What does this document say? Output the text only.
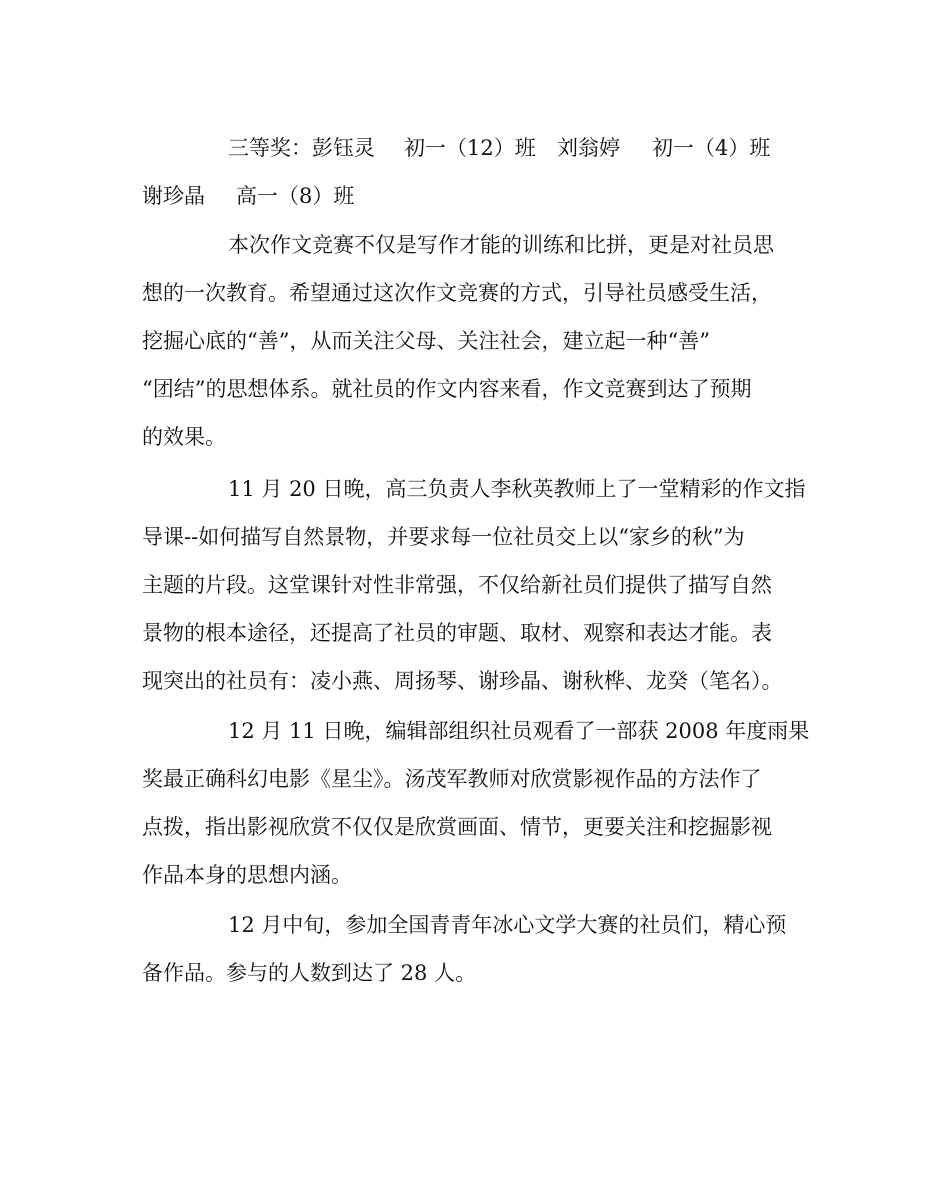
三等奖：彭钰灵

初一（12）班

刘翁婷

初一（4）班

谢珍晶

高一（8）班

本次作文竞赛不仅是写作才能的训练和比拼，更是对社员思

想的一次教育。希望通过这次作文竞赛的方式，引导社员感受生活，

挖掘心底的“善”，从而关注父母、关注社会，建立起一种“善”

“团结”的思想体系。就社员的作文内容来看，作文竞赛到达了预期

的效果。

11 月 20 日晚，高三负责人李秋英教师上了一堂精彩的作文指

导课--如何描写自然景物，并要求每一位社员交上以“家乡的秋”为

主题的片段。这堂课针对性非常强，不仅给新社员们提供了描写自然

景物的根本途径，还提高了社员的审题、取材、观察和表达才能。表

现突出的社员有：凌小燕、周扬琴、谢珍晶、谢秋桦、龙癸（笔名）。

12 月 11 日晚，编辑部组织社员观看了一部获 2008 年度雨果

奖最正确科幻电影《星尘》。汤茂军教师对欣赏影视作品的方法作了

点拨，指出影视欣赏不仅仅是欣赏画面、情节，更要关注和挖掘影视

作品本身的思想内涵。

12 月中旬，参加全国青青年冰心文学大赛的社员们，精心预

备作品。参与的人数到达了 28 人。
